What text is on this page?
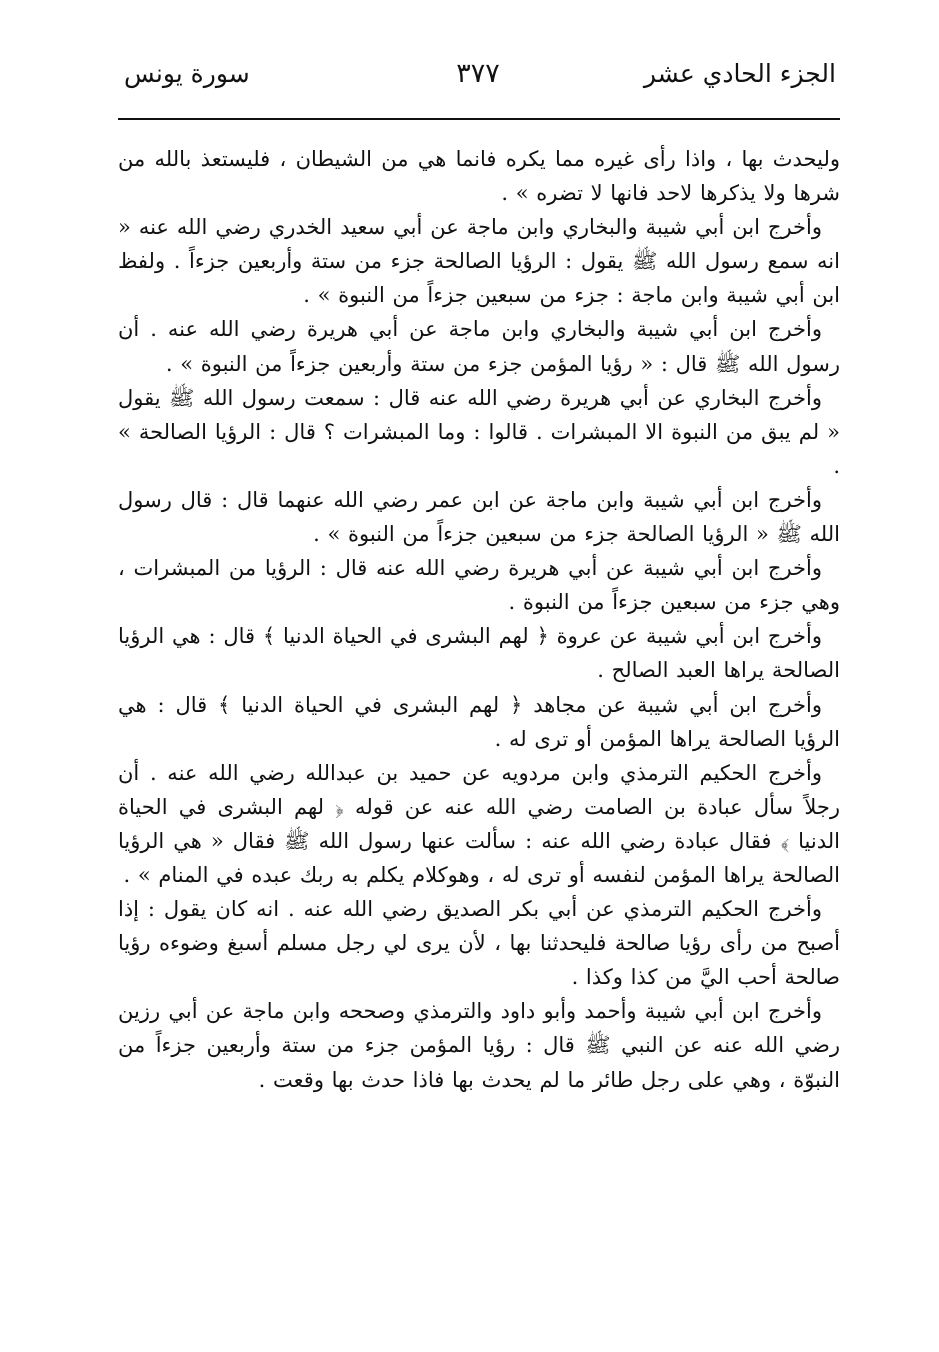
الجزء الحادي عشر
٣٧٧
سورة يونس

وليحدث بها ، واذا رأى غيره مما يكره فانما هي من الشيطان ، فليستعذ بالله من شرها ولا يذكرها لاحد فانها لا تضره » .

وأخرج ابن أبي شيبة والبخاري وابن ماجة عن أبي سعيد الخدري رضي الله عنه « انه سمع رسول الله ﷺ يقول : الرؤيا الصالحة جزء من ستة وأربعين جزءاً . ولفظ ابن أبي شيبة وابن ماجة : جزء من سبعين جزءاً من النبوة » .

وأخرج ابن أبي شيبة والبخاري وابن ماجة عن أبي هريرة رضي الله عنه . أن رسول الله ﷺ قال : « رؤيا المؤمن جزء من ستة وأربعين جزءاً من النبوة » .

وأخرج البخاري عن أبي هريرة رضي الله عنه قال : سمعت رسول الله ﷺ يقول « لم يبق من النبوة الا المبشرات . قالوا : وما المبشرات ؟ قال : الرؤيا الصالحة » .

وأخرج ابن أبي شيبة وابن ماجة عن ابن عمر رضي الله عنهما قال : قال رسول الله ﷺ « الرؤيا الصالحة جزء من سبعين جزءاً من النبوة » .

وأخرج ابن أبي شيبة عن أبي هريرة رضي الله عنه قال : الرؤيا من المبشرات ، وهي جزء من سبعين جزءاً من النبوة .

وأخرج ابن أبي شيبة عن عروة ﴿ لهم البشرى في الحياة الدنيا ﴾ قال : هي الرؤيا الصالحة يراها العبد الصالح .

وأخرج ابن أبي شيبة عن مجاهد ﴿ لهم البشرى في الحياة الدنيا ﴾ قال : هي الرؤيا الصالحة يراها المؤمن أو ترى له .

وأخرج الحكيم الترمذي وابن مردويه عن حميد بن عبدالله رضي الله عنه . أن رجلاً سأل عبادة بن الصامت رضي الله عنه عن قوله ﴿ لهم البشرى في الحياة الدنيا ﴾ فقال عبادة رضي الله عنه : سألت عنها رسول الله ﷺ فقال « هي الرؤيا الصالحة يراها المؤمن لنفسه أو ترى له ، وهوكلام يكلم به ربك عبده في المنام » .

وأخرج الحكيم الترمذي عن أبي بكر الصديق رضي الله عنه . انه كان يقول : إذا أصبح من رأى رؤيا صالحة فليحدثنا بها ، لأن يرى لي رجل مسلم أسبغ وضوءه رؤيا صالحة أحب اليَّ من كذا وكذا .

وأخرج ابن أبي شيبة وأحمد وأبو داود والترمذي وصححه وابن ماجة عن أبي رزين رضي الله عنه عن النبي ﷺ قال : رؤيا المؤمن جزء من ستة وأربعين جزءاً من النبوّة ، وهي على رجل طائر ما لم يحدث بها فاذا حدث بها وقعت .
